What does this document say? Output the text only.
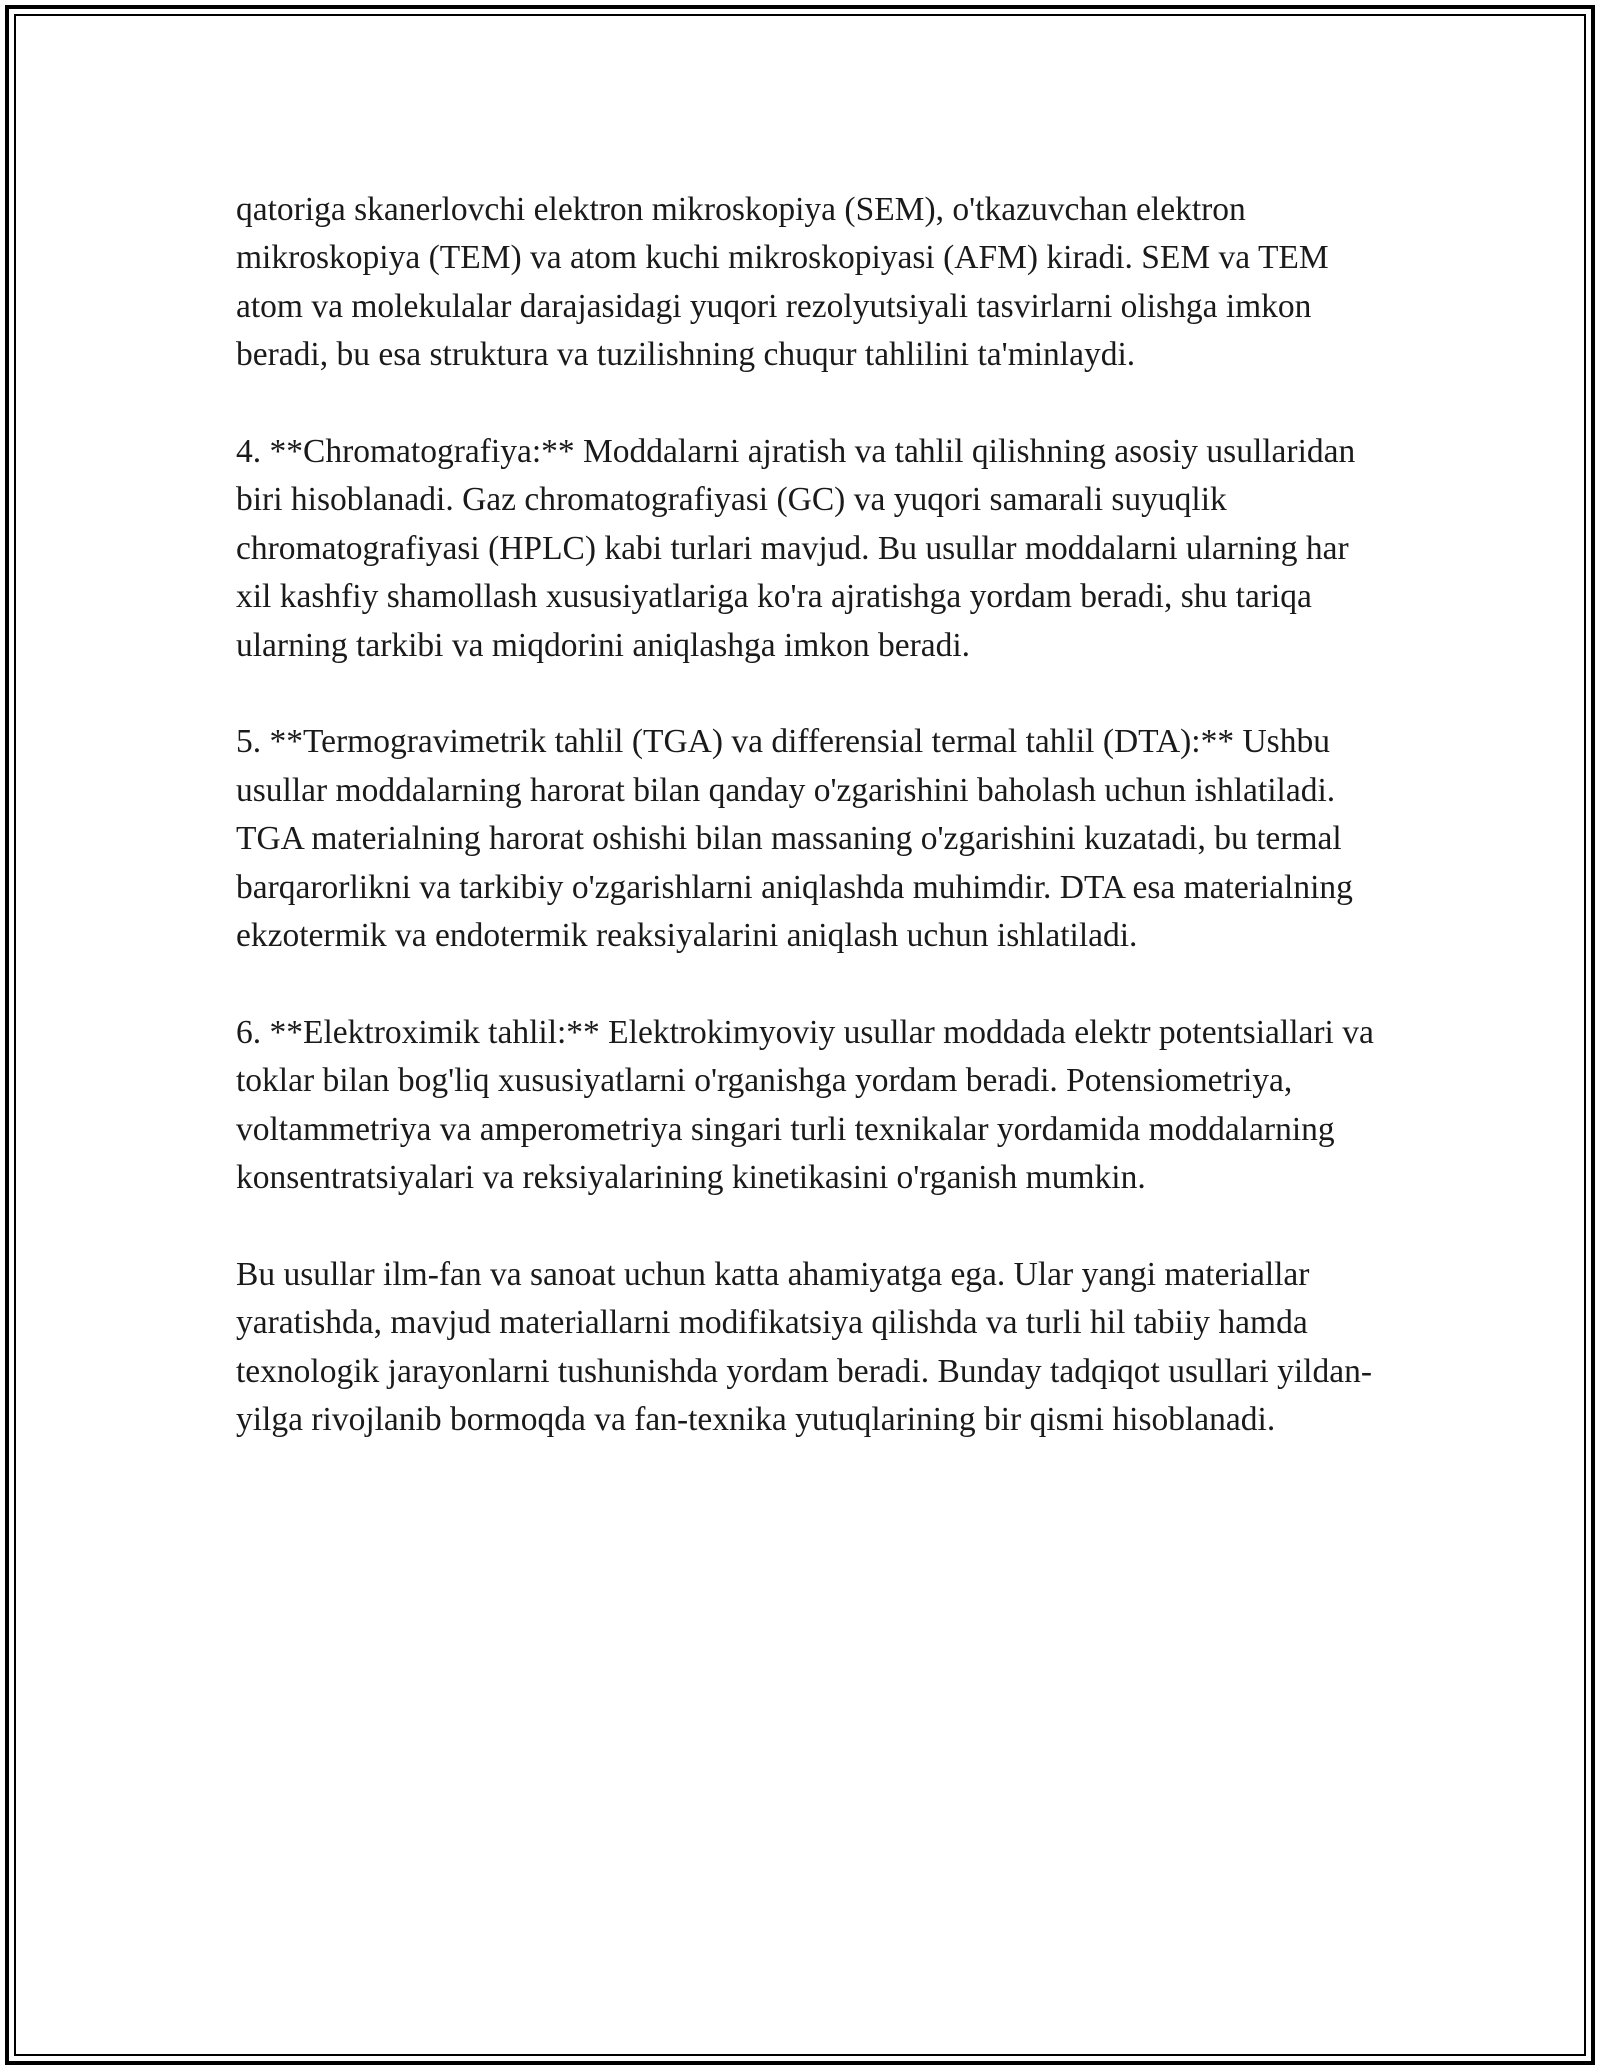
qatoriga skanerlovchi elektron mikroskopiya (SEM), o'tkazuvchan elektron mikroskopiya (TEM) va atom kuchi mikroskopiyasi (AFM) kiradi. SEM va TEM atom va molekulalar darajasidagi yuqori rezolyutsiyali tasvirlarni olishga imkon beradi, bu esa struktura va tuzilishning chuqur tahlilini ta'minlaydi.

4. **Chromatografiya:** Moddalarni ajratish va tahlil qilishning asosiy usullaridan biri hisoblanadi. Gaz chromatografiyasi (GC) va yuqori samarali suyuqlik chromatografiyasi (HPLC) kabi turlari mavjud. Bu usullar moddalarni ularning har xil kashfiy shamollash xususiyatlariga ko'ra ajratishga yordam beradi, shu tariqa ularning tarkibi va miqdorini aniqlashga imkon beradi.

5. **Termogravimetrik tahlil (TGA) va differensial termal tahlil (DTA):** Ushbu usullar moddalarning harorat bilan qanday o'zgarishini baholash uchun ishlatiladi. TGA materialning harorat oshishi bilan massaning o'zgarishini kuzatadi, bu termal barqarorlikni va tarkibiy o'zgarishlarni aniqlashda muhimdir. DTA esa materialning ekzotermik va endotermik reaksiyalarini aniqlash uchun ishlatiladi.

6. **Elektroximik tahlil:** Elektrokimyoviy usullar moddada elektr potentsiallari va toklar bilan bog'liq xususiyatlarni o'rganishga yordam beradi. Potensiometriya, voltammetriya va amperometriya singari turli texnikalar yordamida moddalarning konsentratsiyalari va reksiyalarining kinetikasini o'rganish mumkin.

Bu usullar ilm-fan va sanoat uchun katta ahamiyatga ega. Ular yangi materiallar yaratishda, mavjud materiallarni modifikatsiya qilishda va turli hil tabiiy hamda texnologik jarayonlarni tushunishda yordam beradi. Bunday tadqiqot usullari yildan-yilga rivojlanib bormoqda va fan-texnika yutuqlarining bir qismi hisoblanadi.
